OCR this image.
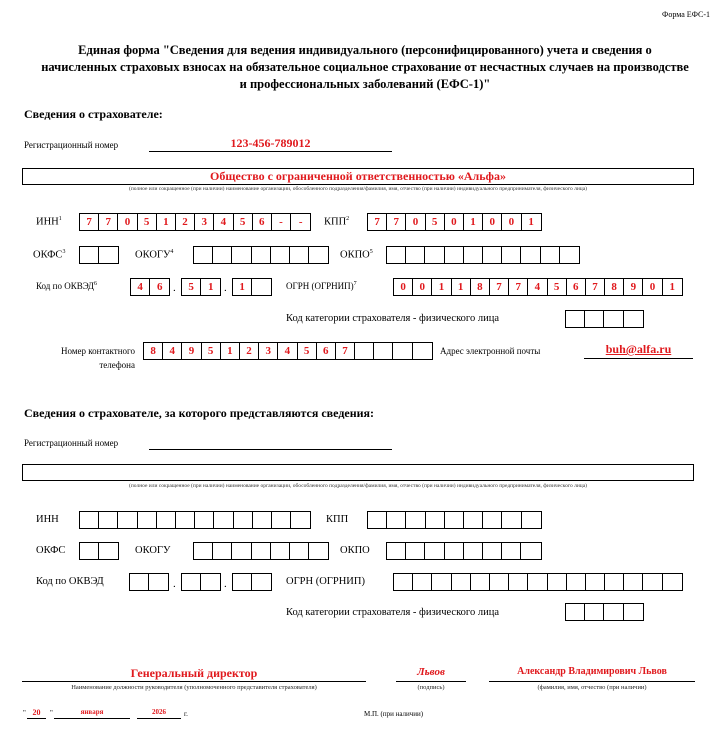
Форма ЕФС-1
Единая форма "Сведения для ведения индивидуального (персонифицированного) учета и сведения о
начисленных страховых взносах на обязательное социальное страхование от несчастных случаев на производстве
и профессиональных заболеваний (ЕФС-1)"
Сведения о страхователе:
Регистрационный номер	123-456-789012
Общество с ограниченной ответственностью «Альфа»
(полное или сокращенное (при наличии) наименование организации, обособленного подразделения/фамилия, имя, отчество (при наличии) индивидуального предпринимателя, физического лица)
ИНН$^1$	7	7	0	5	1	2	3	4	5	6	-	-	КПП$^2$	7	7	0	5	0	1	0	0	1
ОКФС$^3$	ОКОГУ$^4$	ОКПО$^5$
Код по ОКВЭД$^6$	4	6 .	5	1 .	1	ОГРН (ОГРНИП)$^7$	0	0	1	1	8	7	7	4	5	6	7	8	9	0	1
Код категории страхователя - физического лица
Номер контактного
телефона
8	4	9	5	1	2	3	4	5	6	7	Адрес электронной почты	buh@alfa.ru
Сведения о страхователе, за которого представляются сведения:
Регистрационный номер
(полное или сокращенное (при наличии) наименование организации, обособленного подразделения/фамилия, имя, отчество (при наличии) индивидуального предпринимателя, физического лица)
ИНН	КПП
ОКФС	ОКОГУ	ОКПО
Код по ОКВЭД	.	.	ОГРН (ОГРНИП)
Код категории страхователя - физического лица
Генеральный директор
Наименование должности руководителя (уполномоченного представителя страхователя)
Львов
(подпись)
Александр Владимирович Львов
(фамилия, имя, отчество (при наличии)
" 20	"	января	2026	г.	М.П. (при наличии)
